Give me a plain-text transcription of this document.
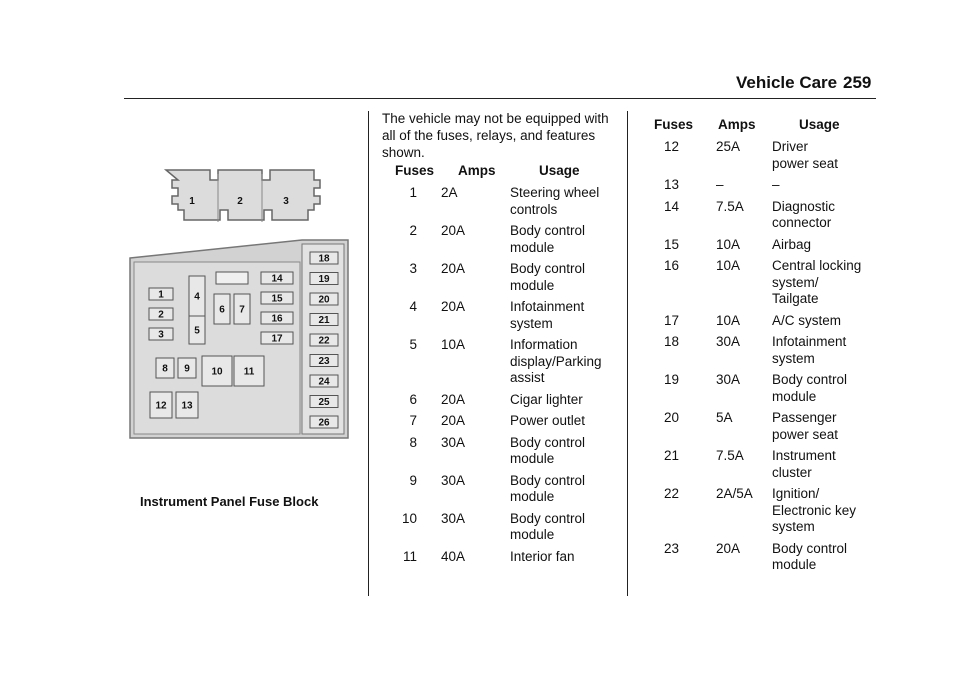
Vehicle Care 259
1	2	3
1
2
3
4
5
6 7
14
15
16
17
8 9 10 11
12 13
18
19
20
21
22
23
24
25
26
Instrument Panel Fuse Block
The vehicle may not be equipped with all of the fuses, relays, and features shown.
Fuses Amps	Usage
1 2A	Steering wheel
controls
2 20A	Body control
module
3 20A	Body control
module
4 20A	Infotainment
system
5 10A	Information
display/Parking
assist
6 20A	Cigar lighter
7 20A	Power outlet
8 30A	Body control
module
9 30A	Body control
module
10 30A	Body control
module
11 40A	Interior fan
Fuses Amps	Usage
12	25A Driver
power seat
13	–	–
14	7.5A Diagnostic
connector
15	10A Airbag
16	10A Central locking
system/
Tailgate
17	10A A/C system
18	30A Infotainment
system
19	30A Body control
module
20	5A	Passenger
power seat
21	7.5A Instrument
cluster
22	2A/5A Ignition/
Electronic key
system
23	20A Body control
module
